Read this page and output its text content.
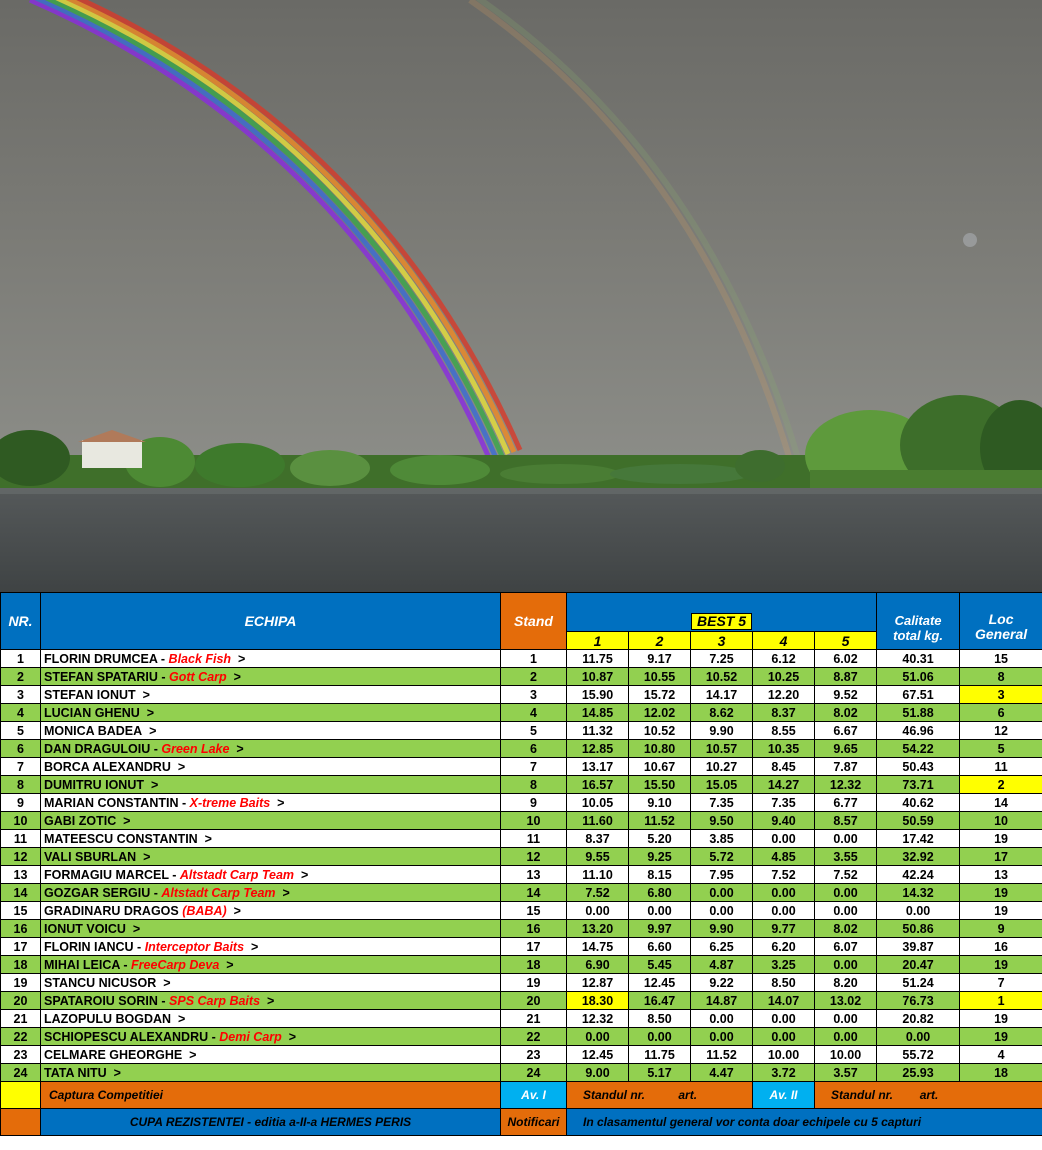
NR.	ECHIPA	Stand	BEST 5					Calitate
total kg.	Loc
General
			1	2	3	4	5		
1	FLORIN DRUMCEA - Black Fish >	1	11.75	9.17	7.25	6.12	6.02	40.31	15
2	STEFAN SPATARIU - Gott Carp >	2	10.87	10.55	10.52	10.25	8.87	51.06	8
3	STEFAN IONUT >	3	15.90	15.72	14.17	12.20	9.52	67.51	3
4	LUCIAN GHENU >	4	14.85	12.02	8.62	8.37	8.02	51.88	6
5	MONICA BADEA >	5	11.32	10.52	9.90	8.55	6.67	46.96	12
6	DAN DRAGULOIU - Green Lake >	6	12.85	10.80	10.57	10.35	9.65	54.22	5
7	BORCA ALEXANDRU >	7	13.17	10.67	10.27	8.45	7.87	50.43	11
8	DUMITRU IONUT >	8	16.57	15.50	15.05	14.27	12.32	73.71	2
9	MARIAN CONSTANTIN - X-treme Baits >	9	10.05	9.10	7.35	7.35	6.77	40.62	14
10	GABI ZOTIC >	10	11.60	11.52	9.50	9.40	8.57	50.59	10
11	MATEESCU CONSTANTIN >	11	8.37	5.20	3.85	0.00	0.00	17.42	19
12	VALI SBURLAN >	12	9.55	9.25	5.72	4.85	3.55	32.92	17
13	FORMAGIU MARCEL - Altstadt Carp Team >	13	11.10	8.15	7.95	7.52	7.52	42.24	13
14	GOZGAR SERGIU - Altstadt Carp Team >	14	7.52	6.80	0.00	0.00	0.00	14.32	19
15	GRADINARU DRAGOS (BABA) >	15	0.00	0.00	0.00	0.00	0.00	0.00	19
16	IONUT VOICU >	16	13.20	9.97	9.90	9.77	8.02	50.86	9
17	FLORIN IANCU - Interceptor Baits >	17	14.75	6.60	6.25	6.20	6.07	39.87	16
18	MIHAI LEICA - FreeCarp Deva >	18	6.90	5.45	4.87	3.25	0.00	20.47	19
19	STANCU NICUSOR >	19	12.87	12.45	9.22	8.50	8.20	51.24	7
20	SPATAROIU SORIN - SPS Carp Baits >	20	18.30	16.47	14.87	14.07	13.02	76.73	1
21	LAZOPULU BOGDAN >	21	12.32	8.50	0.00	0.00	0.00	20.82	19
22	SCHIOPESCU ALEXANDRU - Demi Carp >	22	0.00	0.00	0.00	0.00	0.00	0.00	19
23	CELMARE GHEORGHE >	23	12.45	11.75	11.52	10.00	10.00	55.72	4
24	TATA NITU >	24	9.00	5.17	4.47	3.72	3.57	25.93	18
	Captura Competitiei	Av. I	Standul nr. art.			Av. II	Standul nr. art.		
	CUPA REZISTENTEI - editia a-II-a HERMES PERIS	Notificari	In clasamentul general vor conta doar echipele cu 5 capturi						
